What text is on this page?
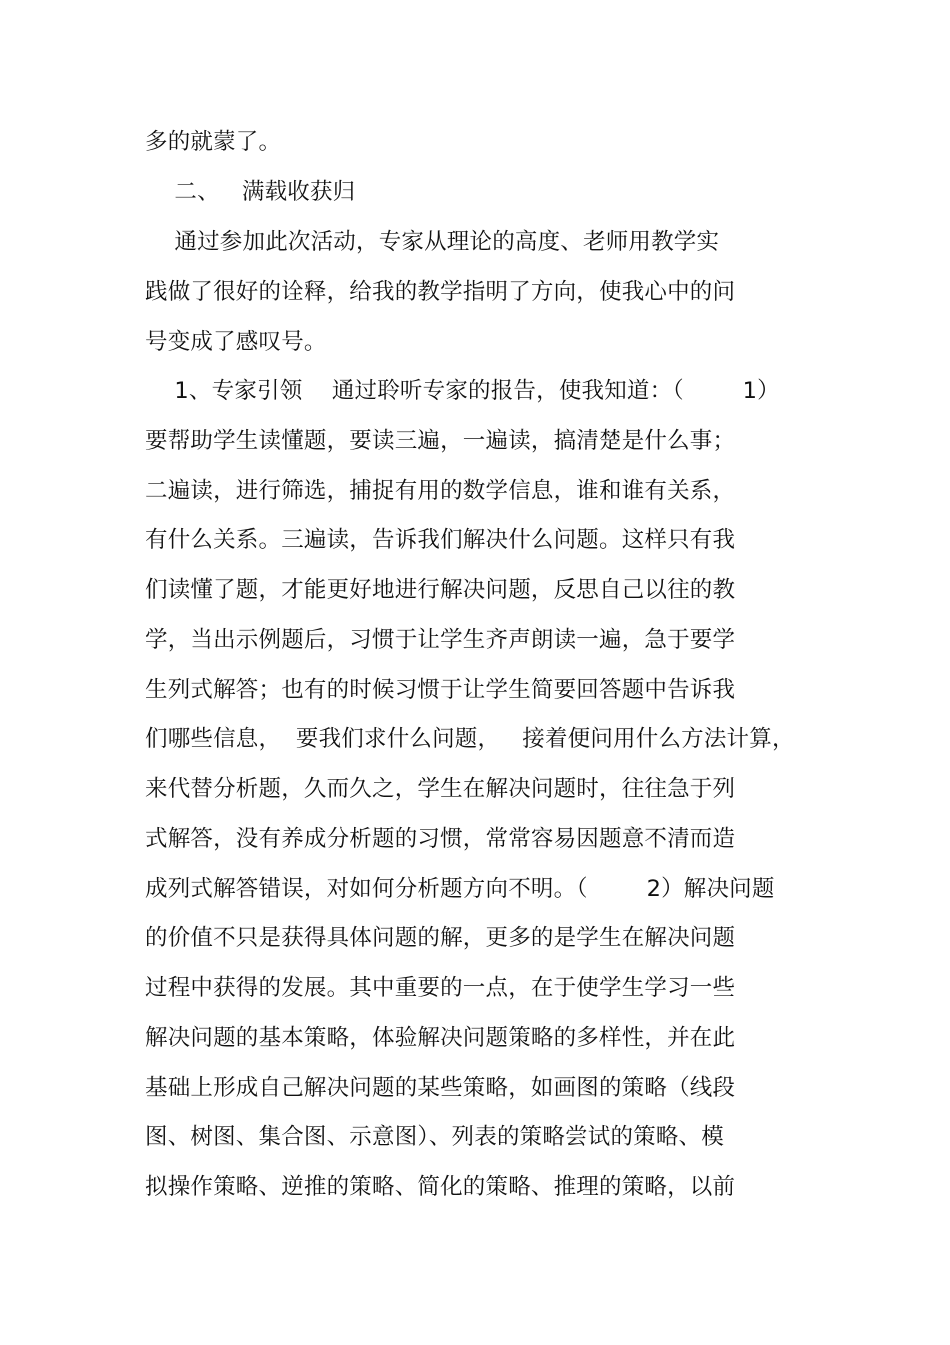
多的就蒙了。
二、   满载收获归
通过参加此次活动，专家从理论的高度、老师用教学实
践做了很好的诠释，给我的教学指明了方向，使我心中的问
号变成了感叹号。
1、专家引领    通过聆听专家的报告，使我知道：（        1）
要帮助学生读懂题，要读三遍，一遍读，搞清楚是什么事；
二遍读，进行筛选，捕捉有用的数学信息，谁和谁有关系，
有什么关系。三遍读，告诉我们解决什么问题。这样只有我
们读懂了题，才能更好地进行解决问题，反思自己以往的教
学，当出示例题后，习惯于让学生齐声朗读一遍，急于要学
生列式解答；也有的时候习惯于让学生简要回答题中告诉我
们哪些信息，  要我们求什么问题，   接着便问用什么方法计算，
来代替分析题，久而久之，学生在解决问题时，往往急于列
式解答，没有养成分析题的习惯，常常容易因题意不清而造
成列式解答错误，对如何分析题方向不明。（        2）解决问题
的价值不只是获得具体问题的解，更多的是学生在解决问题
过程中获得的发展。其中重要的一点，在于使学生学习一些
解决问题的基本策略，体验解决问题策略的多样性，并在此
基础上形成自己解决问题的某些策略，如画图的策略（线段
图、树图、集合图、示意图）、列表的策略尝试的策略、模
拟操作策略、逆推的策略、简化的策略、推理的策略，以前
